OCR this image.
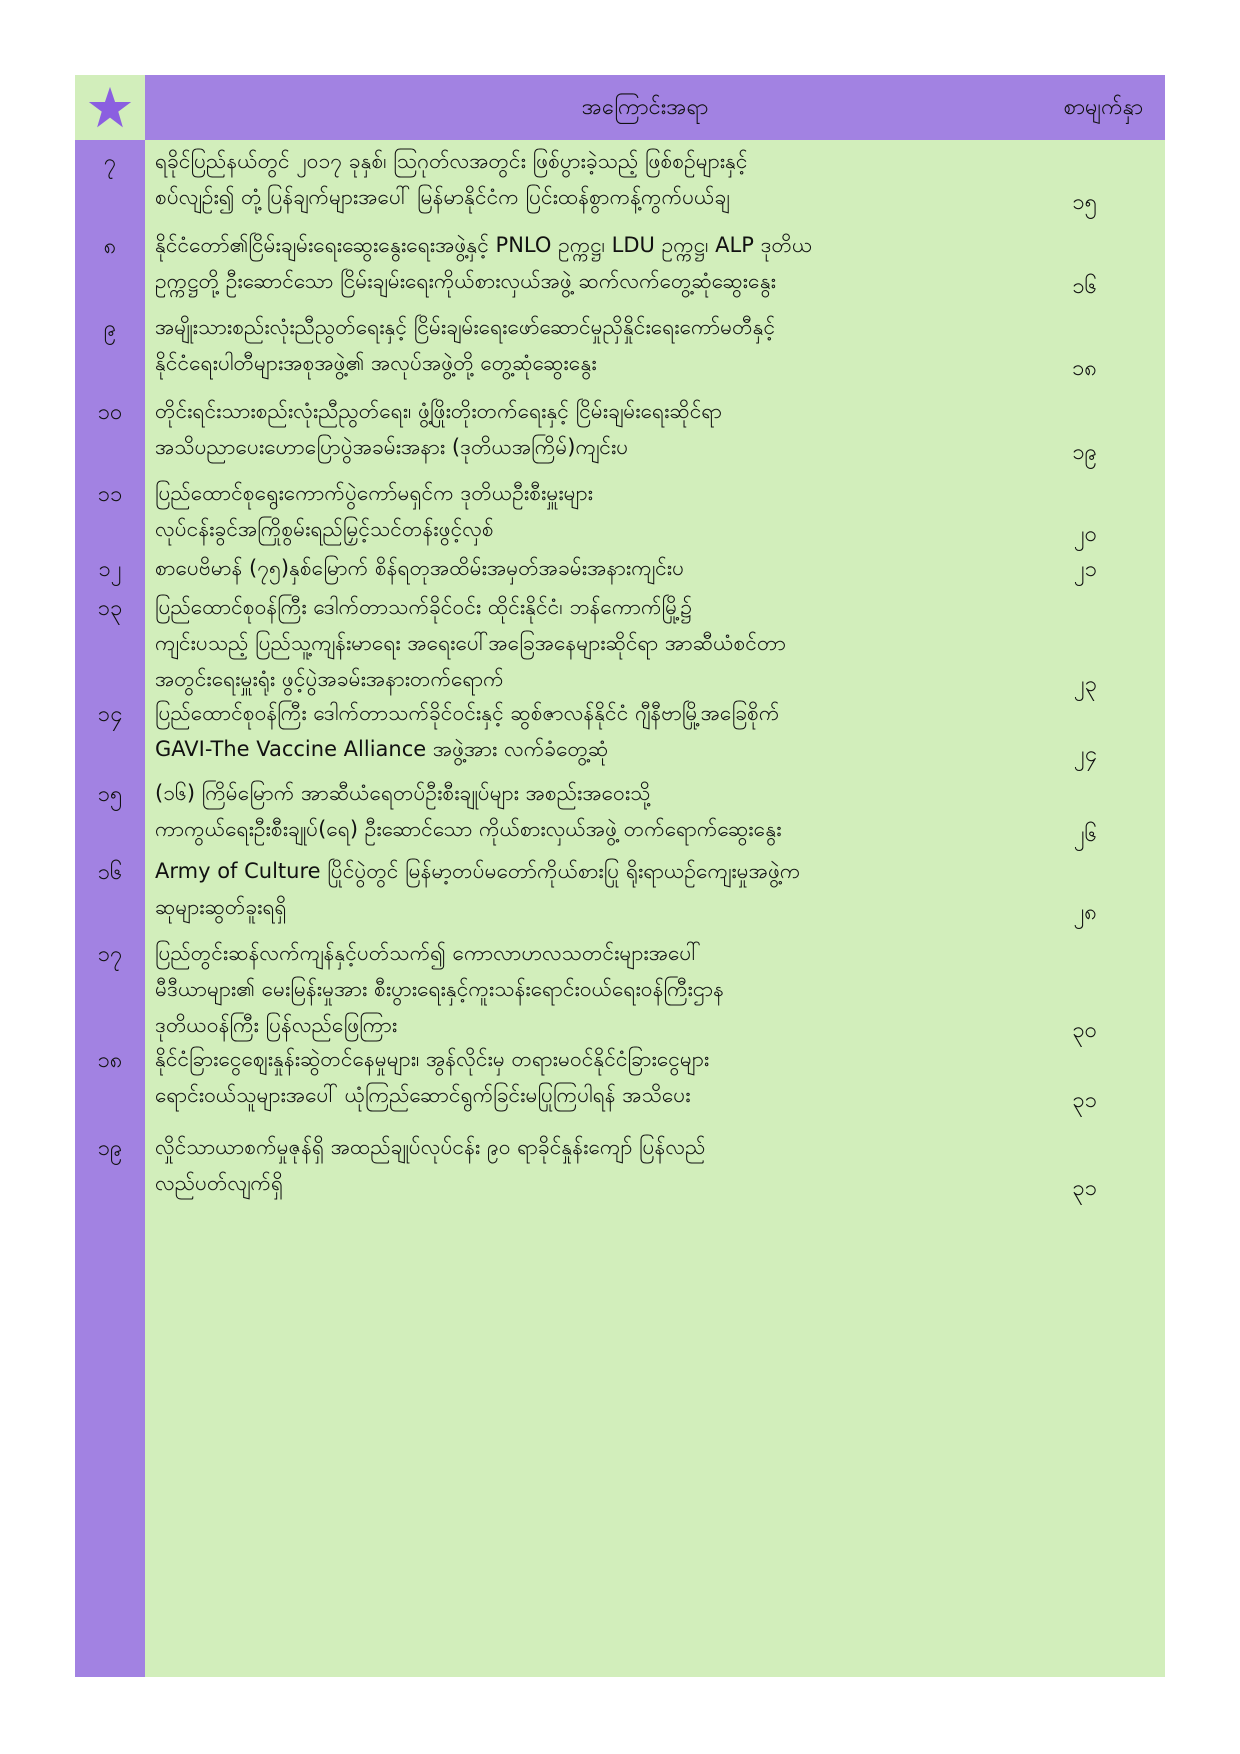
အကြောင်းအရာ	စာမျက်နှာ
၇	ရခိုင်ပြည်နယ်တွင် ၂၀၁၇ ခုနှစ်၊ ဩဂုတ်လအတွင်း ဖြစ်ပွားခဲ့သည့် ဖြစ်စဉ်များနှင့်
စပ်လျဉ်း၍ တုံ့ပြန်ချက်များအပေါ် မြန်မာနိုင်ငံက ပြင်းထန်စွာကန့်ကွက်ပယ်ချ	၁၅
၈	နိုင်ငံတော်၏ငြိမ်းချမ်းရေးဆွေးနွေးရေးအဖွဲ့နှင့် PNLO ဥက္ကဋ္ဌ၊ LDU ဥက္ကဋ္ဌ၊ ALP ဒုတိယ
ဥက္ကဋ္ဌတို့ ဦးဆောင်သော ငြိမ်းချမ်းရေးကိုယ်စားလှယ်အဖွဲ့ ဆက်လက်တွေ့ဆုံဆွေးနွေး	၁၆
၉	အမျိုးသားစည်းလုံးညီညွတ်ရေးနှင့် ငြိမ်းချမ်းရေးဖော်ဆောင်မှုညှိနှိုင်းရေးကော်မတီနှင့်
နိုင်ငံရေးပါတီများအစုအဖွဲ့၏ အလုပ်အဖွဲ့တို့ တွေ့ဆုံဆွေးနွေး	၁၈
၁၀	တိုင်းရင်းသားစည်းလုံးညီညွတ်ရေး၊ ဖွံ့ဖြိုးတိုးတက်ရေးနှင့် ငြိမ်းချမ်းရေးဆိုင်ရာ
အသိပညာပေးဟောပြောပွဲအခမ်းအနား (ဒုတိယအကြိမ်)ကျင်းပ	၁၉
၁၁	ပြည်ထောင်စုရွေးကောက်ပွဲကော်မရှင်က ဒုတိယဦးစီးမှူးများ
လုပ်ငန်းခွင်အကြိုစွမ်းရည်မြှင့်သင်တန်းဖွင့်လှစ်	၂၀
၁၂	စာပေဗိမာန် (၇၅)နှစ်မြောက် စိန်ရတုအထိမ်းအမှတ်အခမ်းအနားကျင်းပ	၂၁
၁၃	ပြည်ထောင်စုဝန်ကြီး ဒေါက်တာသက်ခိုင်ဝင်း ထိုင်းနိုင်ငံ၊ ဘန်ကောက်မြို့၌
ကျင်းပသည့် ပြည်သူ့ကျန်းမာရေး အရေးပေါ်အခြေအနေများဆိုင်ရာ အာဆီယံစင်တာ
အတွင်းရေးမှူးရုံး ဖွင့်ပွဲအခမ်းအနားတက်ရောက်	၂၃
၁၄	ပြည်ထောင်စုဝန်ကြီး ဒေါက်တာသက်ခိုင်ဝင်းနှင့် ဆွစ်ဇာလန်နိုင်ငံ ဂျီနီဗာမြို့အခြေစိုက်
GAVI-The Vaccine Alliance အဖွဲ့အား လက်ခံတွေ့ဆုံ	၂၄
၁၅	(၁၆) ကြိမ်မြောက် အာဆီယံရေတပ်ဦးစီးချုပ်များ အစည်းအဝေးသို့
ကာကွယ်ရေးဦးစီးချုပ်(ရေ) ဦးဆောင်သော ကိုယ်စားလှယ်အဖွဲ့ တက်ရောက်ဆွေးနွေး	၂၆
၁၆	Army of Culture ပြိုင်ပွဲတွင် မြန်မာ့တပ်မတော်ကိုယ်စားပြု ရိုးရာယဉ်ကျေးမှုအဖွဲ့က
ဆုများဆွတ်ခူးရရှိ	၂၈
၁၇	ပြည်တွင်းဆန်လက်ကျန်နှင့်ပတ်သက်၍ ကောလာဟလသတင်းများအပေါ်
မီဒီယာများ၏ မေးမြန်းမှုအား စီးပွားရေးနှင့်ကူးသန်းရောင်းဝယ်ရေးဝန်ကြီးဌာန
ဒုတိယဝန်ကြီး ပြန်လည်ဖြေကြား	၃၀
၁၈	နိုင်ငံခြားငွေဈေးနှုန်းဆွဲတင်နေမှုများ၊ အွန်လိုင်းမှ တရားမဝင်နိုင်ငံခြားငွေများ
ရောင်းဝယ်သူများအပေါ် ယုံကြည်ဆောင်ရွက်ခြင်းမပြုကြပါရန် အသိပေး	၃၁
၁၉	လှိုင်သာယာစက်မှုဇုန်ရှိ အထည်ချုပ်လုပ်ငန်း ၉၀ ရာခိုင်နှုန်းကျော် ပြန်လည်
လည်ပတ်လျက်ရှိ	၃၁
